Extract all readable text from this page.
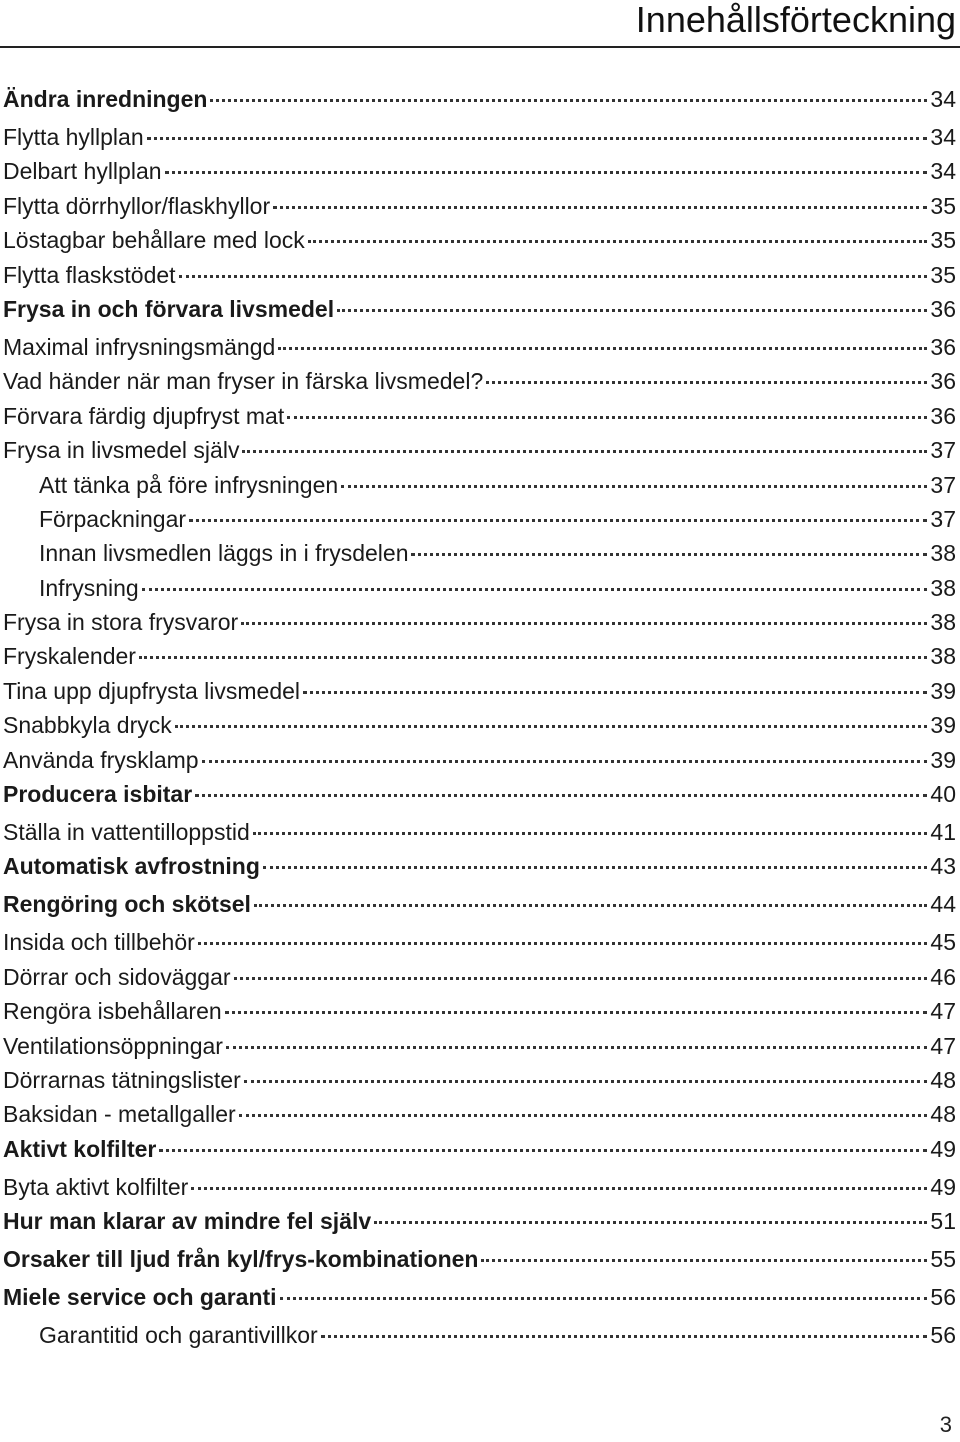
Innehållsförteckning
Ändra inredningen	34
Flytta hyllplan	34
Delbart hyllplan	34
Flytta dörrhyllor/flaskhyllor	35
Löstagbar behållare med lock	35
Flytta flaskstödet	35
Frysa in och förvara livsmedel	36
Maximal infrysningsmängd	36
Vad händer när man fryser in färska livsmedel?	36
Förvara färdig djupfryst mat	36
Frysa in livsmedel själv	37
Att tänka på före infrysningen	37
Förpackningar	37
Innan livsmedlen läggs in i frysdelen	38
Infrysning	38
Frysa in stora frysvaror	38
Fryskalender	38
Tina upp djupfrysta livsmedel	39
Snabbkyla dryck	39
Använda frysklamp	39
Producera isbitar	40
Ställa in vattentilloppstid	41
Automatisk avfrostning	43
Rengöring och skötsel	44
Insida och tillbehör	45
Dörrar och sidoväggar	46
Rengöra isbehållaren	47
Ventilationsöppningar	47
Dörrarnas tätningslister	48
Baksidan - metallgaller	48
Aktivt kolfilter	49
Byta aktivt kolfilter	49
Hur man klarar av mindre fel själv	51
Orsaker till ljud från kyl/frys-kombinationen	55
Miele service och garanti	56
Garantitid och garantivillkor	56
3
